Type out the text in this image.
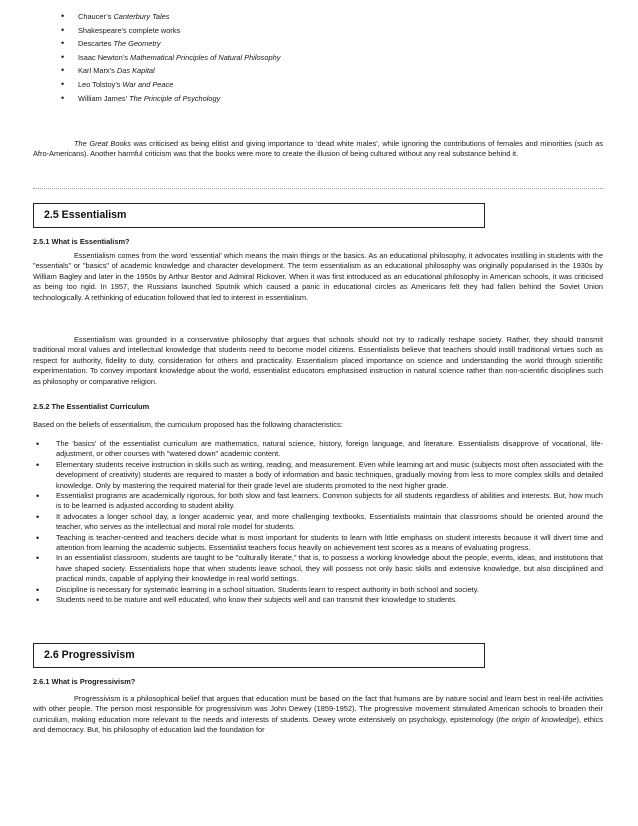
• Chaucer’s Canterbury Tales
• Shakespeare’s complete works
• Descartes The Geometry
• Isaac Newton’s Mathematical Principles of Natural Philosophy
• Karl Marx’s Das Kapital
• Leo Tolstoy’s War and Peace
• William James’ The Principle of Psychology

The Great Books was criticised as being elitist and giving importance to ‘dead white males’, while ignoring the contributions of females and minorities (such as Afro-Americans). Another harmful criticism was that the books were more to create the illusion of being cultured without any real substance behind it.

2.5 Essentialism

2.5.1 What is Essentialism?

Essentialism comes from the word ‘essential’ which means the main things or the basics. As an educational philosophy, it advocates instilling in students with the "essentials" or "basics" of academic knowledge and character development. The term essentialism as an educational philosophy was originally popularised in the 1930s by William Bagley and later in the 1950s by Arthur Bestor and Admiral Rickover. When it was first introduced as an educational philosophy in American schools, it was criticised as being too rigid. In 1957, the Russians launched Sputnik which caused a panic in educational circles as Americans felt they had fallen behind the Soviet Union technologically. A rethinking of education followed that led to interest in essentialism.

Essentialism was grounded in a conservative philosophy that argues that schools should not try to radically reshape society. Rather, they should transmit traditional moral values and intellectual knowledge that students need to become model citizens. Essentialists believe that teachers should instill traditional virtues such as respect for authority, fidelity to duty, consideration for others and practicality. Essentialism placed importance on science and understanding the world through scientific experimentation. To convey important knowledge about the world, essentialist educators emphasised instruction in natural science rather than non-scientific disciplines such as philosophy or comparative religion.

2.5.2 The Essentialist Curriculum

Based on the beliefs of essentialism, the curriculum proposed has the following characteristics:

• The ‘basics’ of the essentialist curriculum are mathematics, natural science, history, foreign language, and literature. Essentialists disapprove of vocational, life-adjustment, or other courses with "watered down" academic content.
• Elementary students receive instruction in skills such as writing, reading, and measurement. Even while learning art and music (subjects most often associated with the development of creativity) students are required to master a body of information and basic techniques, gradually moving from less to more complex skills and detailed knowledge. Only by mastering the required material for their grade level are students promoted to the next higher grade.
• Essentialist programs are academically rigorous, for both slow and fast learners. Common subjects for all students regardless of abilities and interests. But, how much is to be learned is adjusted according to student ability.
• It advocates a longer school day, a longer academic year, and more challenging textbooks. Essentialists maintain that classrooms should be oriented around the teacher, who serves as the intellectual and moral role model for students.
• Teaching is teacher-centred and teachers decide what is most important for students to learn with little emphasis on student interests because it will divert time and attention from learning the academic subjects. Essentialist teachers focus heavily on achievement test scores as a means of evaluating progress.
• In an essentialist classroom, students are taught to be "culturally literate," that is, to possess a working knowledge about the people, events, ideas, and institutions that have shaped society. Essentialists hope that when students leave school, they will possess not only basic skills and extensive knowledge, but also disciplined and practical minds, capable of applying their knowledge in real world settings.
• Discipline is necessary for systematic learning in a school situation. Students learn to respect authority in both school and society.
• Students need to be mature and well educated, who know their subjects well and can transmit their knowledge to students.
2.6 Progressivism

2.6.1 What is Progressivism?

Progressivism is a philosophical belief that argues that education must be based on the fact that humans are by nature social and learn best in real-life activities with other people. The person most responsible for progressivism was John Dewey (1859-1952). The progressive movement stimulated American schools to broaden their curriculum, making education more relevant to the needs and interests of students. Dewey wrote extensively on psychology, epistemology (the origin of knowledge), ethics and democracy. But, his philosophy of education laid the foundation for
